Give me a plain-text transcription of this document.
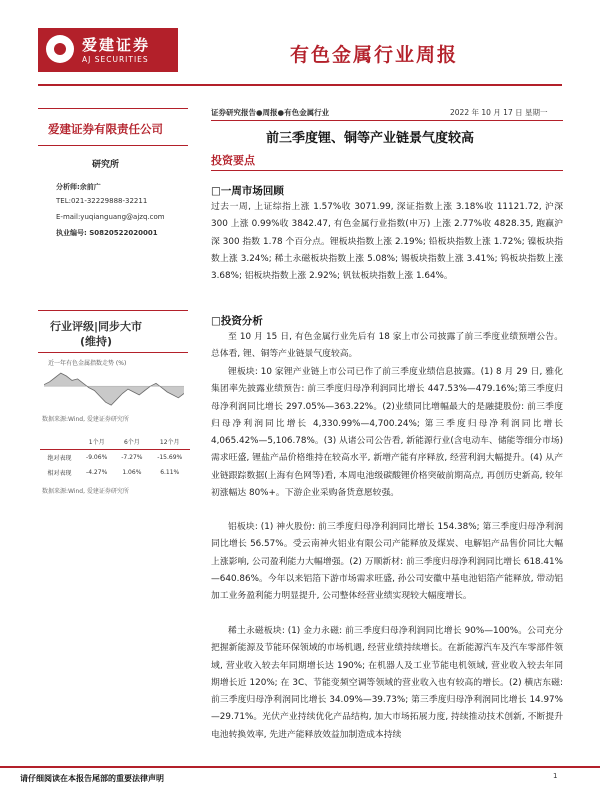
爱建证券
AJ SECURITIES	有色金属行业周报
爱建证券有限责任公司
研究所
分析师:余前广
TEL:021-32229888-32211
E-mail:yuqianguang@ajzq.com
执业编号: S0820522020001
行业评级|同步大市
(维持)
近一年有色金属指数走势 (%)
数据来源:Wind, 爱建证券研究所
	1个月	6个月	12个月
绝对表现	-9.06%	-7.27%	-15.69%
相对表现	-4.27%	1.06%	6.11%
数据来源:Wind, 爱建证券研究所
证券研究报告●周报●有色金属行业	2022 年 10 月 17 日 星期一
前三季度锂、铜等产业链景气度较高
投资要点
□一周市场回顾

过去一周, 上证综指上涨 1.57%收 3071.99, 深证指数上涨 3.18%收 11121.72, 沪深 300 上涨 0.99%收 3842.47, 有色金属行业指数(申万) 上涨 2.77%收 4828.35, 跑赢沪深 300 指数 1.78 个百分点。锂板块指数上涨 2.19%; 铅板块指数上涨 1.72%; 镍板块指数上涨 3.24%; 稀土永磁板块指数上涨 5.08%; 锡板块指数上涨 3.41%; 钨板块指数上涨 3.68%; 铝板块指数上涨 2.92%; 钒钛板块指数上涨 1.64%。

□投资分析

至 10 月 15 日, 有色金属行业先后有 18 家上市公司披露了前三季度业绩预增公告。总体看, 锂、铜等产业链景气度较高。

锂板块: 10 家锂产业链上市公司已作了前三季度业绩信息披露。(1) 8 月 29 日, 雅化集团率先披露业绩预告: 前三季度归母净利润同比增长 447.53%—479.16%;第三季度归母净利润同比增长 297.05%—363.22%。(2)业绩同比增幅最大的是融捷股份: 前三季度归母净利润同比增长 4,330.99%—4,700.24%; 第三季度归母净利润同比增长 4,065.42%—5,106.78%。(3) 从诸公司公告看, 新能源行业(含电动车、储能等细分市场)需求旺盛, 锂盐产品价格维持在较高水平, 新增产能有序释放, 经营利润大幅提升。(4) 从产业链跟踪数据(上海有色网等)看, 本周电池级碳酸锂价格突破前期高点, 再创历史新高, 较年初涨幅达 80%+。下游企业采购备货意愿较强。

铝板块: (1) 神火股份: 前三季度归母净利润同比增长 154.38%; 第三季度归母净利润同比增长 56.57%。受云南神火铝业有限公司产能释放及煤炭、电解铝产品售价同比大幅上涨影响, 公司盈利能力大幅增强。(2) 万顺新材: 前三季度归母净利润同比增长 618.41%—640.86%。今年以来铝箔下游市场需求旺盛, 孙公司安徽中基电池铝箔产能释放, 带动铝加工业务盈利能力明显提升, 公司整体经营业绩实现较大幅度增长。

稀土永磁板块: (1) 金力永磁: 前三季度归母净利润同比增长 90%—100%。公司充分把握新能源及节能环保领域的市场机遇, 经营业绩持续增长。在新能源汽车及汽车零部件领域, 营业收入较去年同期增长达 190%; 在机器人及工业节能电机领域, 营业收入较去年同期增长近 120%; 在 3C、节能变频空调等领域的营业收入也有较高的增长。(2) 横店东磁: 前三季度归母净利润同比增长 34.09%—39.73%; 第三季度归母净利润同比增长 14.97%—29.71%。光伏产业持续优化产品结构, 加大市场拓展力度, 持续推动技术创新, 不断提升电池转换效率, 先进产能释放效益加制造成本持续

请仔细阅读在本报告尾部的重要法律声明	1
